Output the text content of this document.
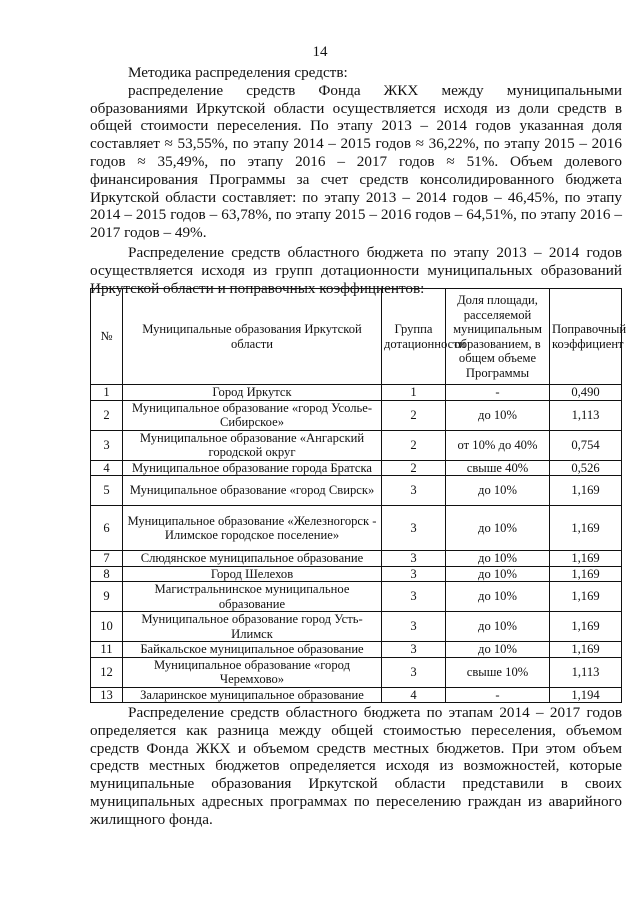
14

Методика распределения средств:
распределение средств Фонда ЖКХ между муниципальными образованиями Иркутской области осуществляется исходя из доли средств в общей стоимости переселения. По этапу 2013 – 2014 годов указанная доля составляет ≈ 53,55%, по этапу 2014 – 2015 годов ≈ 36,22%, по этапу 2015 – 2016 годов ≈ 35,49%, по этапу 2016 – 2017 годов ≈ 51%. Объем долевого финансирования Программы за счет средств консолидированного бюджета Иркутской области составляет: по этапу 2013 – 2014 годов – 46,45%, по этапу 2014 – 2015 годов – 63,78%, по этапу 2015 – 2016 годов – 64,51%, по этапу 2016 – 2017 годов – 49%.

Распределение средств областного бюджета по этапу 2013 – 2014 годов осуществляется исходя из групп дотационности муниципальных образований Иркутской области и поправочных коэффициентов:

№	Муниципальные образования Иркутской области	Группа дотационности	Доля площади, расселяемой муниципальным образованием, в общем объеме Программы	Поправочный коэффициент
1	Город Иркутск	1	-	0,490
2	Муниципальное образование «город Усолье-Сибирское»	2	до 10%	1,113
3	Муниципальное образование «Ангарский городской округ	2	от 10% до 40%	0,754
4	Муниципальное образование города Братска	2	свыше 40%	0,526
5	Муниципальное образование «город Свирск»	3	до 10%	1,169
6	Муниципальное образование «Железногорск - Илимское городское поселение»	3	до 10%	1,169
7	Слюдянское муниципальное образование	3	до 10%	1,169
8	Город Шелехов	3	до 10%	1,169
9	Магистральнинское муниципальное образование	3	до 10%	1,169
10	Муниципальное образование город Усть-Илимск	3	до 10%	1,169
11	Байкальское муниципальное образование	3	до 10%	1,169
12	Муниципальное образование «город Черемхово»	3	свыше 10%	1,113
13	Заларинское муниципальное образование	4	-	1,194

Распределение средств областного бюджета по этапам 2014 – 2017 годов определяется как разница между общей стоимостью переселения, объемом средств Фонда ЖКХ и объемом средств местных бюджетов. При этом объем средств местных бюджетов определяется исходя из возможностей, которые муниципальные образования Иркутской области представили в своих муниципальных адресных программах по переселению граждан из аварийного жилищного фонда.
